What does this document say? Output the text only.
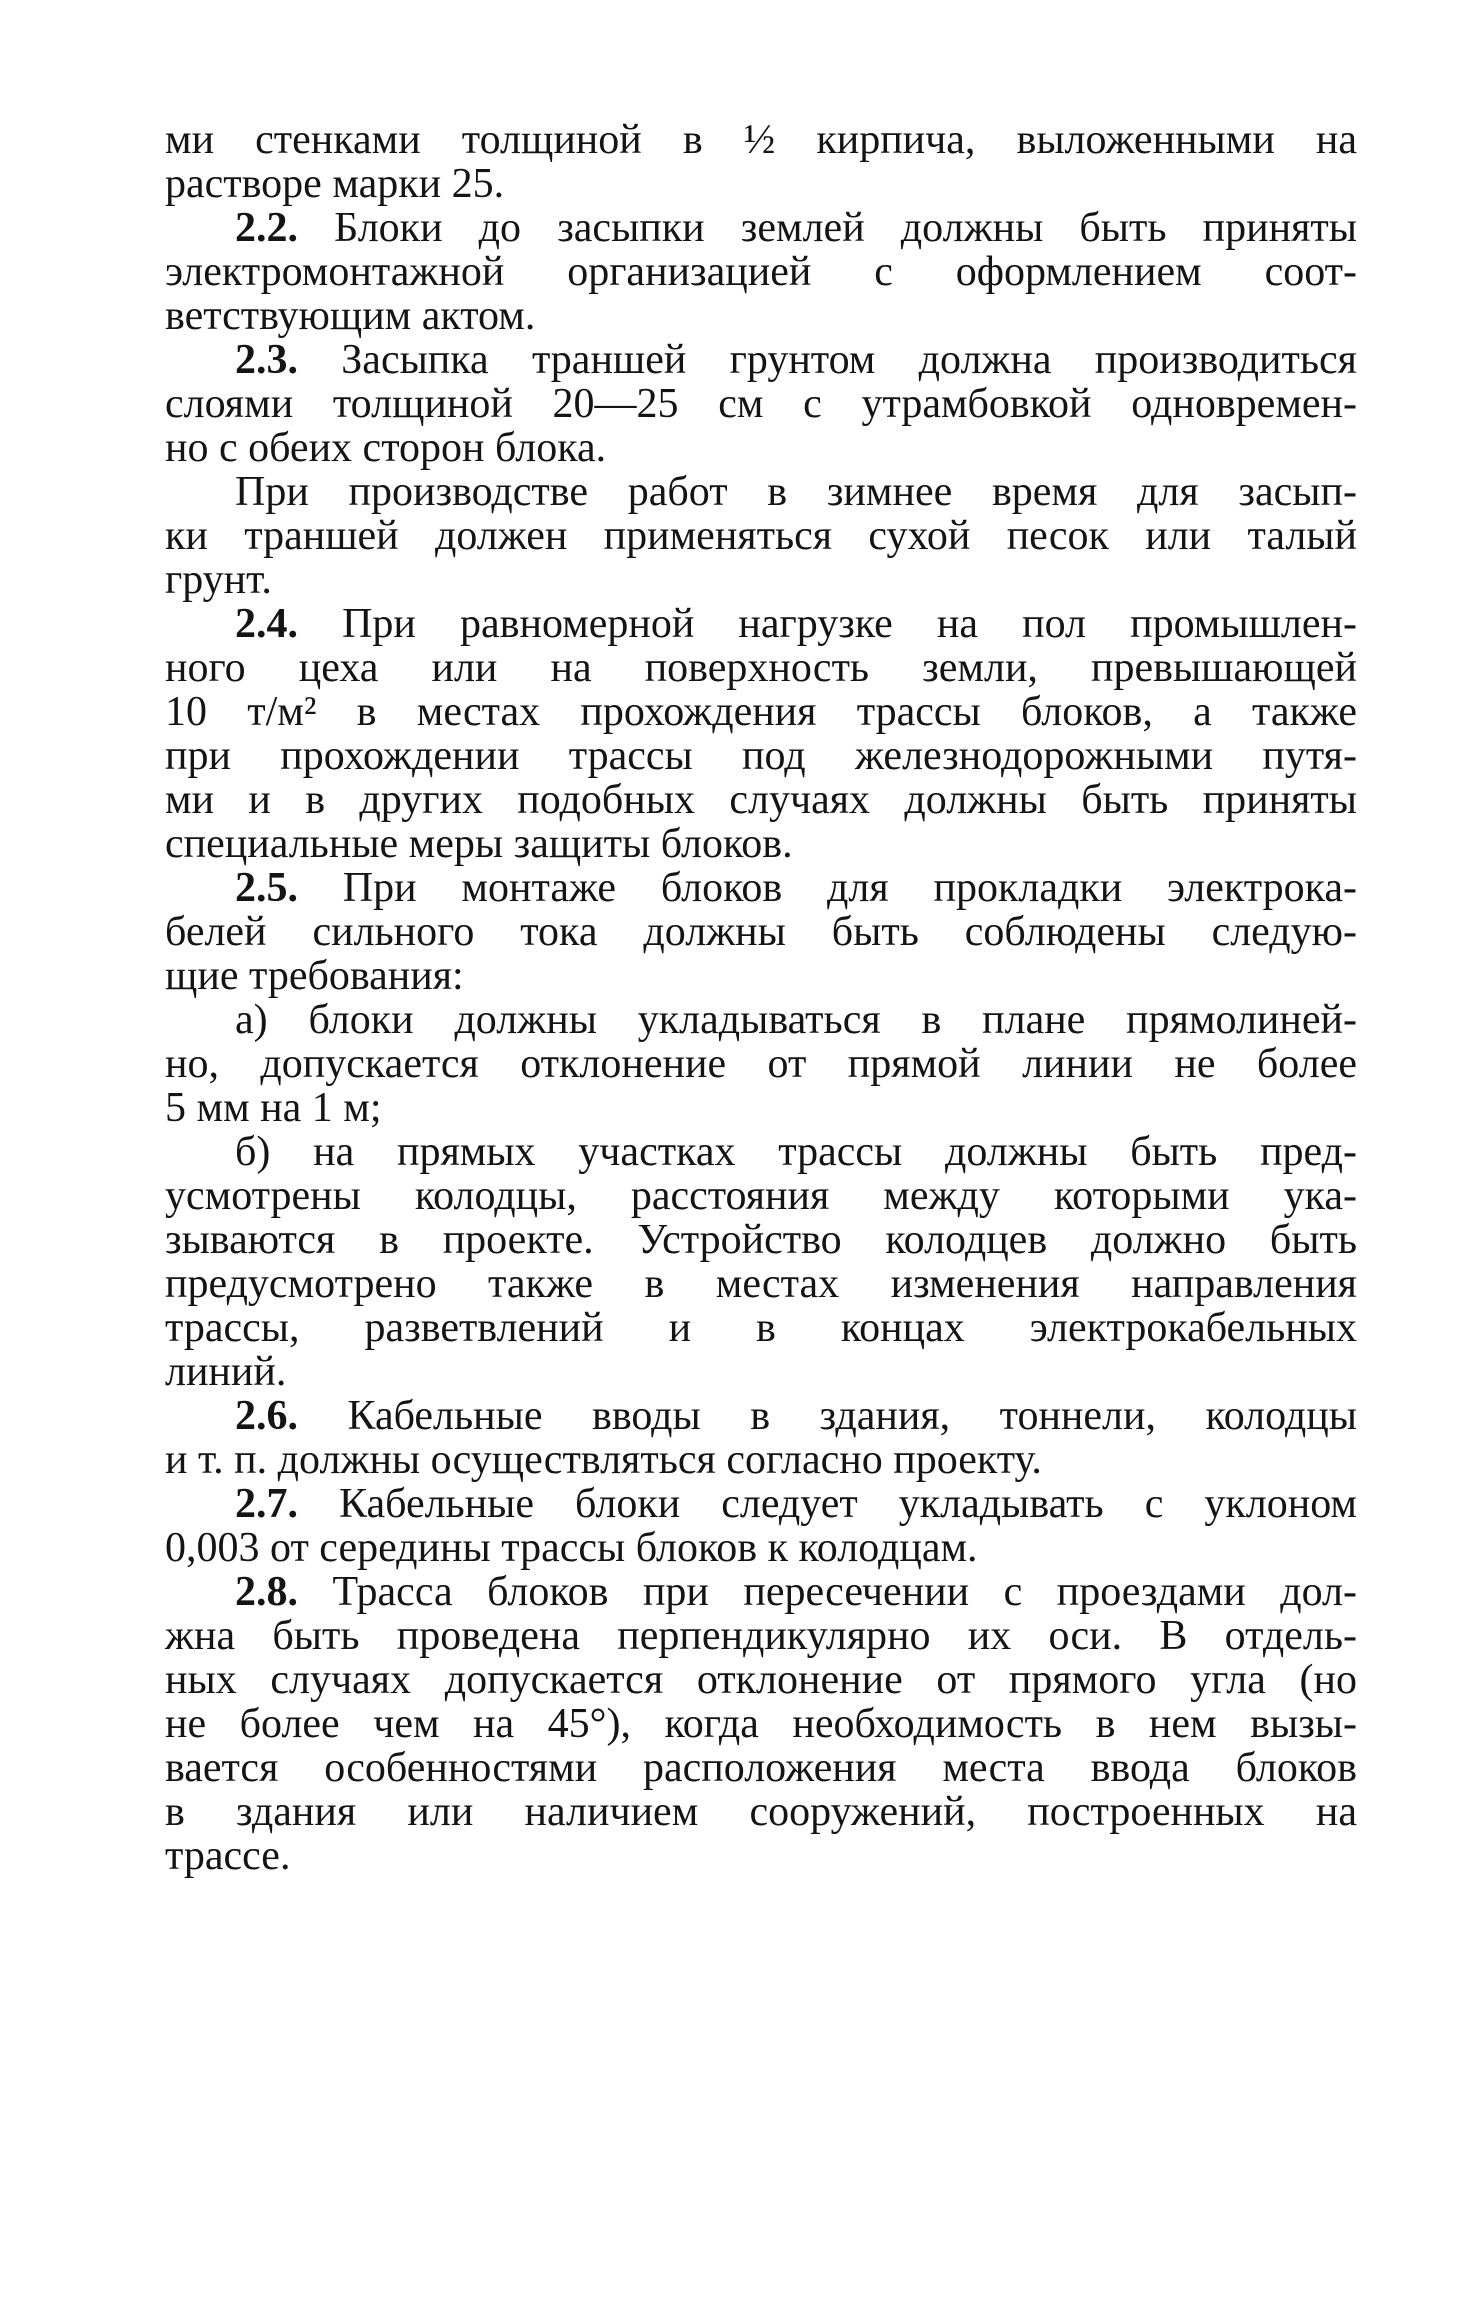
ми стенками толщиной в ½ кирпича, выложенными на
растворе марки 25.
2.2. Блоки до засыпки землей должны быть приняты
электромонтажной организацией с оформлением соот-
ветствующим актом.
2.3. Засыпка траншей грунтом должна производиться
слоями толщиной 20—25 см с утрамбовкой одновремен-
но с обеих сторон блока.
При производстве работ в зимнее время для засып-
ки траншей должен применяться сухой песок или талый
грунт.
2.4. При равномерной нагрузке на пол промышлен-
ного цеха или на поверхность земли, превышающей
10 т/м² в местах прохождения трассы блоков, а также
при прохождении трассы под железнодорожными путя-
ми и в других подобных случаях должны быть приняты
специальные меры защиты блоков.
2.5. При монтаже блоков для прокладки электрока-
белей сильного тока должны быть соблюдены следую-
щие требования:
а) блоки должны укладываться в плане прямолиней-
но, допускается отклонение от прямой линии не более
5 мм на 1 м;
б) на прямых участках трассы должны быть пред-
усмотрены колодцы, расстояния между которыми ука-
зываются в проекте. Устройство колодцев должно быть
предусмотрено также в местах изменения направления
трассы, разветвлений и в концах электрокабельных
линий.
2.6. Кабельные вводы в здания, тоннели, колодцы
и т. п. должны осуществляться согласно проекту.
2.7. Кабельные блоки следует укладывать с уклоном
0,003 от середины трассы блоков к колодцам.
2.8. Трасса блоков при пересечении с проездами дол-
жна быть проведена перпендикулярно их оси. В отдель-
ных случаях допускается отклонение от прямого угла (но
не более чем на 45°), когда необходимость в нем вызы-
вается особенностями расположения места ввода блоков
в здания или наличием сооружений, построенных на
трассе.
